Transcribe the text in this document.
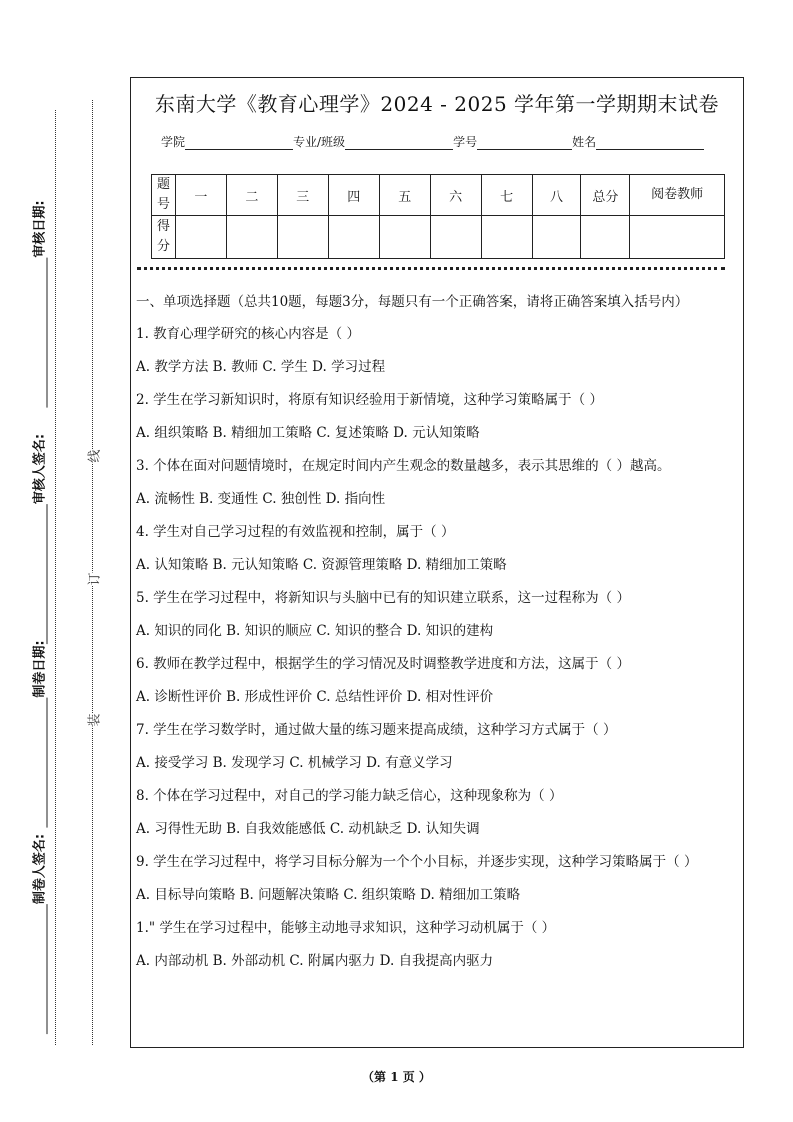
审核日期:
审核人签名:
制卷日期:
制卷人签名:
线
订
装
东南大学《教育心理学》2024 - 2025 学年第一学期期末试卷
学院	专业/班级	学号	姓名
题号	一	二	三	四	五	六	七	八	总分	阅卷教师
得分										

一、单项选择题（总共10题，每题3分，每题只有一个正确答案，请将正确答案填入括号内）

1. 教育心理学研究的核心内容是（ ）

A. 教学方法 B. 教师 C. 学生 D. 学习过程

2. 学生在学习新知识时，将原有知识经验用于新情境，这种学习策略属于（ ）

A. 组织策略 B. 精细加工策略 C. 复述策略 D. 元认知策略

3. 个体在面对问题情境时，在规定时间内产生观念的数量越多，表示其思维的（ ）越高。

A. 流畅性 B. 变通性 C. 独创性 D. 指向性

4. 学生对自己学习过程的有效监视和控制，属于（ ）

A. 认知策略 B. 元认知策略 C. 资源管理策略 D. 精细加工策略

5. 学生在学习过程中，将新知识与头脑中已有的知识建立联系，这一过程称为（ ）

A. 知识的同化 B. 知识的顺应 C. 知识的整合 D. 知识的建构

6. 教师在教学过程中，根据学生的学习情况及时调整教学进度和方法，这属于（ ）

A. 诊断性评价 B. 形成性评价 C. 总结性评价 D. 相对性评价

7. 学生在学习数学时，通过做大量的练习题来提高成绩，这种学习方式属于（ ）

A. 接受学习 B. 发现学习 C. 机械学习 D. 有意义学习

8. 个体在学习过程中，对自己的学习能力缺乏信心，这种现象称为（ ）

A. 习得性无助 B. 自我效能感低 C. 动机缺乏 D. 认知失调

9. 学生在学习过程中，将学习目标分解为一个个小目标，并逐步实现，这种学习策略属于（ ）

A. 目标导向策略 B. 问题解决策略 C. 组织策略 D. 精细加工策略

1." 学生在学习过程中，能够主动地寻求知识，这种学习动机属于（ ）

A. 内部动机 B. 外部动机 C. 附属内驱力 D. 自我提高内驱力

（第 1 页 ）
